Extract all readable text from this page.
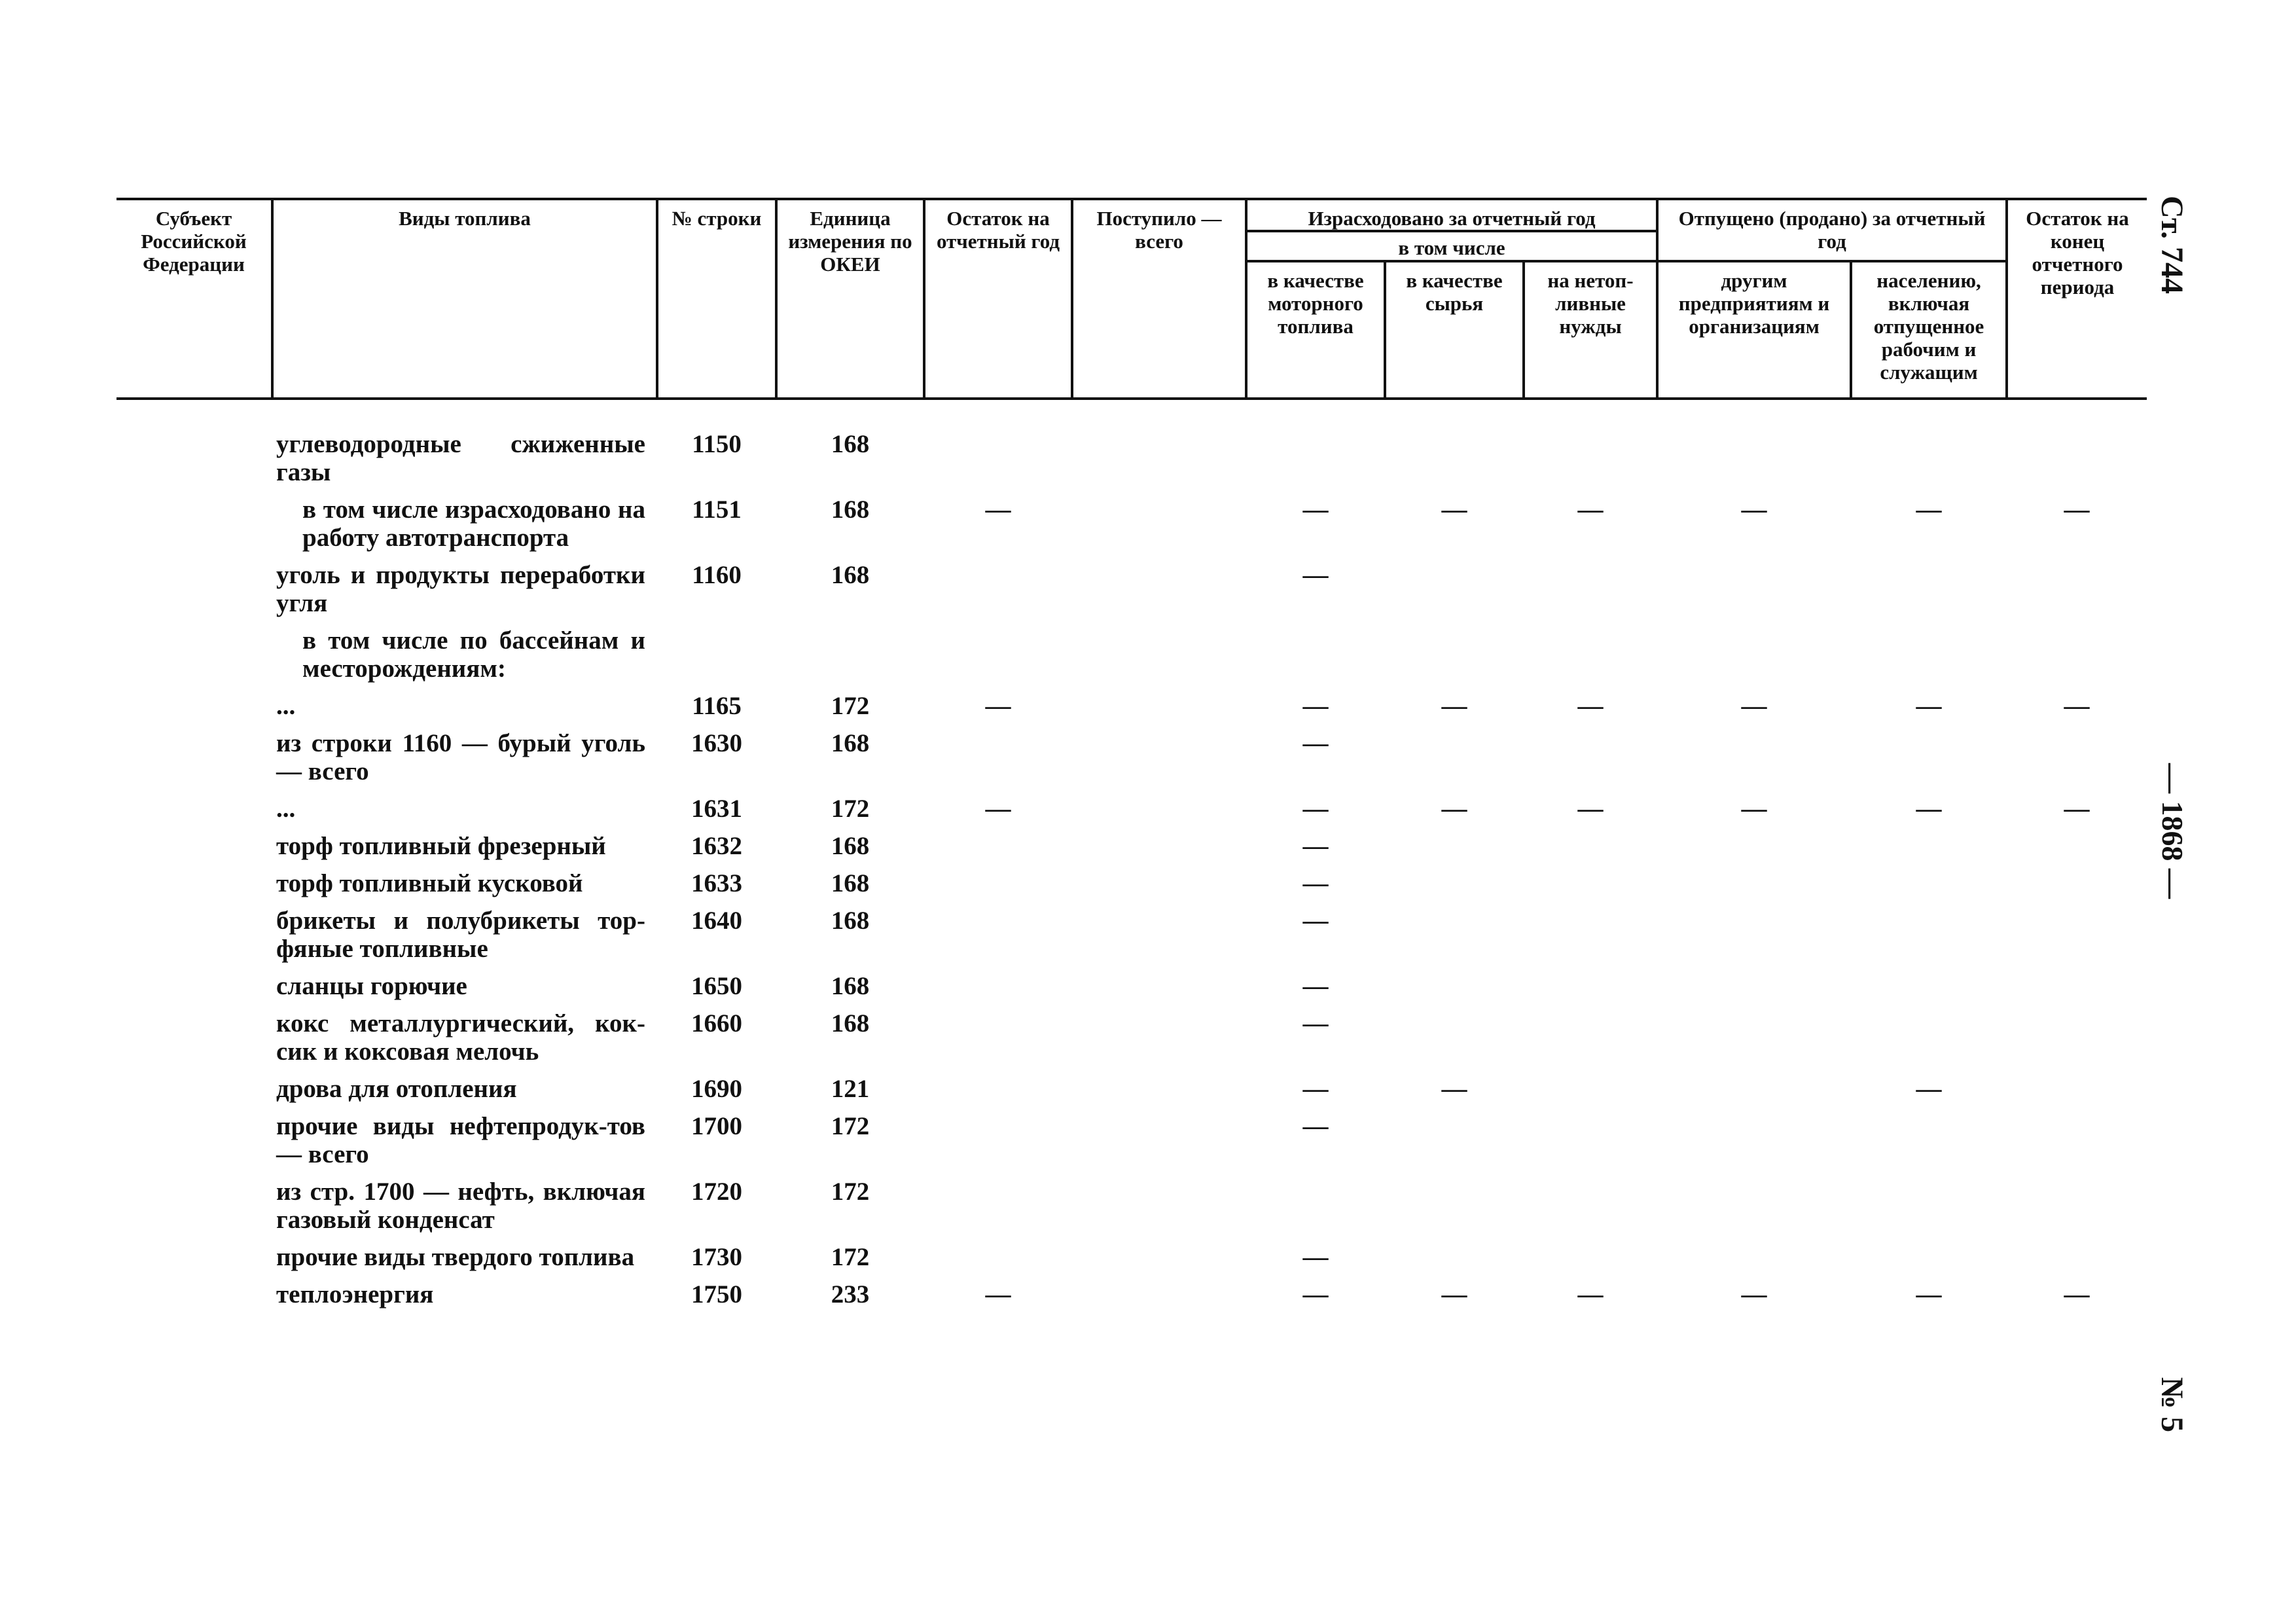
Субъект Российской Федерации	Виды топлива	№ строки	Единица измерения по ОКЕИ	Остаток на отчетный год	Поступило — всего	Израсходовано за отчетный год			Отпущено (продано) за отчетный год		Остаток на конец отчетного периода
						в том числе					
						в качестве моторного топлива	в качестве сырья	на нетоп-ливные нужды	другим предприятиям и организациям	населению, включая отпущенное рабочим и служащим	

	углеводородные сжиженные газы	1150	168								
	в том числе израсходовано на работу автотранспорта	1151	168	—		—	—	—	—	—	—
	уголь и продукты переработки угля	1160	168			—					
	в том числе по бассейнам и месторождениям:										
	...	1165	172	—		—	—	—	—	—	—
	из строки 1160 — бурый уголь — всего	1630	168			—					
	...	1631	172	—		—	—	—	—	—	—
	торф топливный фрезерный	1632	168			—					
	торф топливный кусковой	1633	168			—					
	брикеты и полубрикеты тор-фяные топливные	1640	168			—					
	сланцы горючие	1650	168			—					
	кокс металлургический, кок-сик и коксовая мелочь	1660	168			—					
	дрова для отопления	1690	121			—	—			—	
	прочие виды нефтепродук-тов — всего	1700	172			—					
	из стр. 1700 — нефть, включая газовый конденсат	1720	172								
	прочие виды твердого топлива	1730	172			—					
	теплоэнергия	1750	233	—		—	—	—	—	—	—
Ст. 744
— 1868 —
№ 5
